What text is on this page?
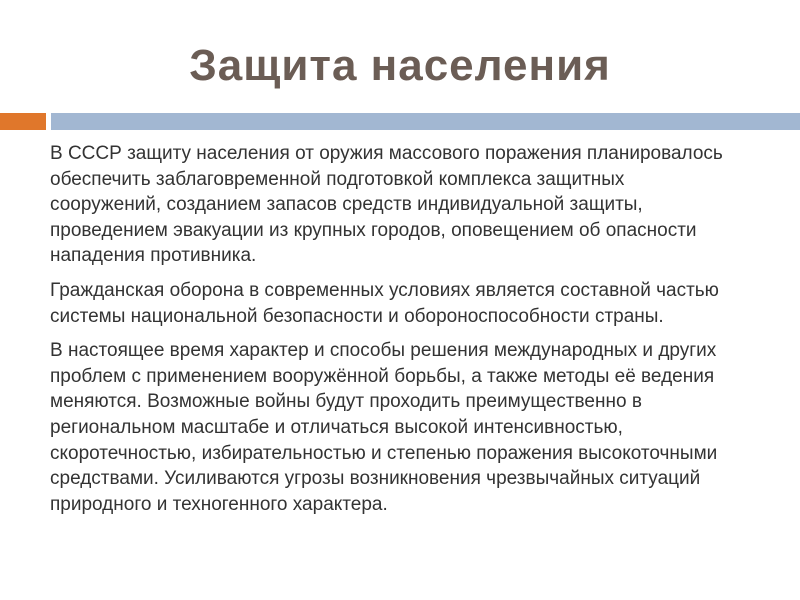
Защита населения

В СССР защиту населения от оружия массового поражения планировалось обеспечить заблаговременной подготовкой комплекса защитных сооружений, созданием запасов средств индивидуальной защиты, проведением эвакуации из крупных городов, оповещением об опасности нападения противника.

Гражданская оборона в современных условиях является составной частью системы национальной безопасности и обороноспособности страны.

В настоящее время характер и способы решения международных и других проблем с применением вооружённой борьбы, а также методы её ведения меняются. Возможные войны будут проходить преимущественно в региональном масштабе и отличаться высокой интенсивностью, скоротечностью, избирательностью и степенью поражения высокоточными средствами. Усиливаются угрозы возникновения чрезвычайных ситуаций природного и техногенного характера.
